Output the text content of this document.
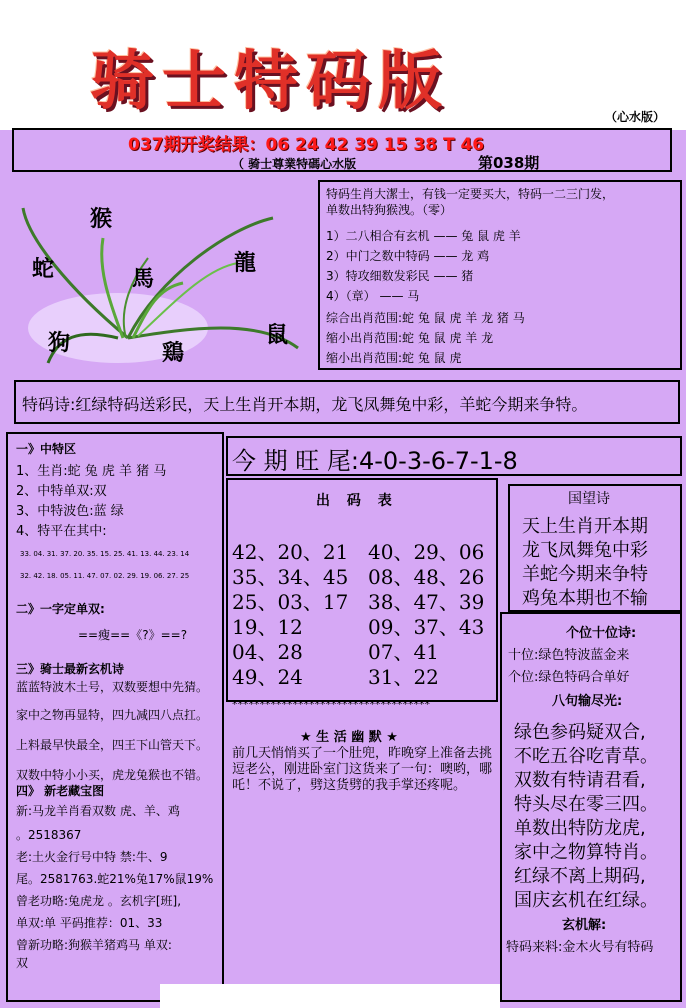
骑士特码版	（心水版）
037期开奖结果：06 24 42 39 15 38 T 46
（ 骑士尊業特碼心水版	第038期
猴
蛇	龍
馬
狗	鼠
鶏
特码生肖大潔士，有钱一定要买大，特码一二三门发，
单数出特狗猴洩。（零）
1）二八相合有玄机 —— 兔 鼠 虎 羊
2）中门之数中特码 —— 龙 鸡
3）特攻细数发彩民 —— 猪
4）（章） —— 马
综合出肖范围:蛇 兔 鼠 虎 羊 龙 猪 马
缩小出肖范围:蛇 兔 鼠 虎 羊 龙
缩小出肖范围:蛇 兔 鼠 虎
特码诗:红绿特码送彩民，天上生肖开本期，龙飞凤舞兔中彩，羊蛇今期来争特。
一》中特区
1、生肖:蛇 兔 虎 羊 猪 马
2、中特单双:双
3、中特波色:蓝 绿
4、特平在其中:
33. 04. 31. 37. 20. 35. 15. 25. 41. 13. 44. 23. 14
32. 42. 18. 05. 11. 47. 07. 02. 29. 19. 06. 27. 25
二》一字定单双:
==瘦==《?》==?
三》骑士最新玄机诗
蓝蓝特波木土号，双数要想中先猜。
家中之物再显特，四九减四八点扛。
上料最早快最全，四王下山管天下。
双数中特小小买，虎龙兔猴也不错。
四》 新老藏宝图
新:马龙羊肖看双数 虎、羊、鸡
。2518367
老:土火金行号中特 禁:牛、9
尾。2581763.蛇21%兔17%鼠19%
曾老功略:兔虎龙 。玄机字[班],
单双:单 平码推荐：01、33
曾新功略:狗猴羊猪鸡马 单双:
双
今 期 旺 尾:4-0-3-6-7-1-8
出 码 表
42、20、21 40、29、06
35、34、45 08、48、26
25、03、17 38、47、39
19、12	09、37、43
04、28	07、41
49、24	31、22
************************************
★ 生 活 幽 默 ★
前几天悄悄买了一个肚兜，昨晚穿上准备去挑逗老公，刚进卧室门这货来了一句：噢哟，哪吒！不说了，劈这货劈的我手掌还疼呢。
国望诗
天上生肖开本期
龙飞凤舞兔中彩
羊蛇今期来争特
鸡兔本期也不输
个位十位诗:
十位:绿色特波蓝金来
个位:绿色特码合单好
八句输尽光:
绿色参码疑双合,
不吃五谷吃青草。
双数有特请君看,
特头尽在零三四。
单数出特防龙虎,
家中之物算特肖。
红绿不离上期码,
国庆玄机在红绿。
玄机解:
特码来料:金木火号有特码
